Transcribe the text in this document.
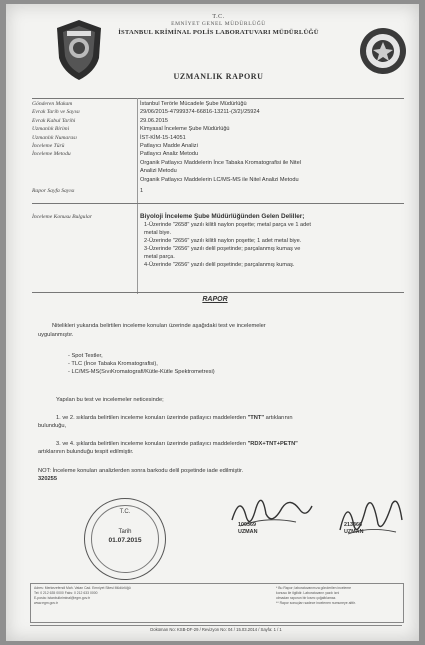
T.C.
EMNİYET GENEL MÜDÜRLÜĞÜ
İSTANBUL KRİMİNAL POLİS LABORATUVARI MÜDÜRLÜĞÜ
UZMANLIK RAPORU
Gönderen Makam	İstanbul Terörle Mücadele Şube Müdürlüğü
Evrak Tarih ve Sayısı	29/06/2015-47999374-66816-13211-(3/2)/25924
Evrak Kabul Tarihi	29.06.2015
Uzmanlık Birimi	Kimyasal İnceleme Şube Müdürlüğü
Uzmanlık Numarası	İST-KİM-15-14051
İnceleme Türü	Patlayıcı Madde Analizi
İnceleme Metodu	Patlayıcı Analiz Metodu
Organik Patlayıcı Maddelerin İnce Tabaka Kromatografisi ile Nitel
Analizi Metodu
Organik Patlayıcı Maddelerin LC/MS-MS ile Nitel Analizi Metodu
Rapor Sayfa Sayısı	1
İnceleme Konusu Bulgular	Biyoloji İnceleme Şube Müdürlüğünden Gelen Deliller;
1-Üzerinde "2658" yazılı kilitli naylon poşette; metal parça ve 1 adet
metal biye.
2-Üzerinde "2656" yazılı kilitli naylon poşette; 1 adet metal biye.
3-Üzerinde "2656" yazılı delil poşetinde; parçalanmış kumaş ve
metal parça.
4-Üzerinde "2656" yazılı delil poşetinde; parçalanmış kumaş.
RAPOR
Nitelikleri yukarıda belirtilen inceleme konuları üzerinde aşağıdaki test ve incelemeler
uygulanmıştır.
- Spot Testler,
- TLC (İnce Tabaka Kromatografisi),
- LC/MS-MS(SıvıKromatografi/Kütle-Kütle Spektrometresi)
Yapılan bu test ve incelemeler neticesinde;
1. ve 2. sıklarda belirtilen inceleme konuları üzerinde patlayıcı maddelerden "TNT" artıklarının
bulunduğu,
3. ve 4. şıklarda belirtilen inceleme konuları üzerinde patlayıcı maddelerden "RDX+TNT+PETN"
artıklarının bulunduğu tespit edilmiştir.
NOT: İnceleme konuları analizlerden sonra barkodu delil poşetinde iade edilmiştir.
320255
T.C.
Tarih
01.07.2015
109369
UZMAN
213366
UZMAN
Adres: Merkezefendi Mah. Vatan Cad. Emniyet Sitesi Müdürlüğü
Tel: 0 212 635 0000 Faks: 0 212 633 0000
E-posta: istanbulkriminal@egm.gov.tr
www.egm.gov.tr
* Bu Rapor; laboratuvarımıza gönderilen inceleme
konusu ile ilgilidir. Laboratuvarın yazılı izni
olmadan raporun bir kısmı çoğaltılamaz.
** Rapor sonuçları sadece incelenen numuneye aittir.
Doküman No: KSB-DF-29 / Revizyon No: 04 / 15.03.2014 / Sayfa: 1 / 1
